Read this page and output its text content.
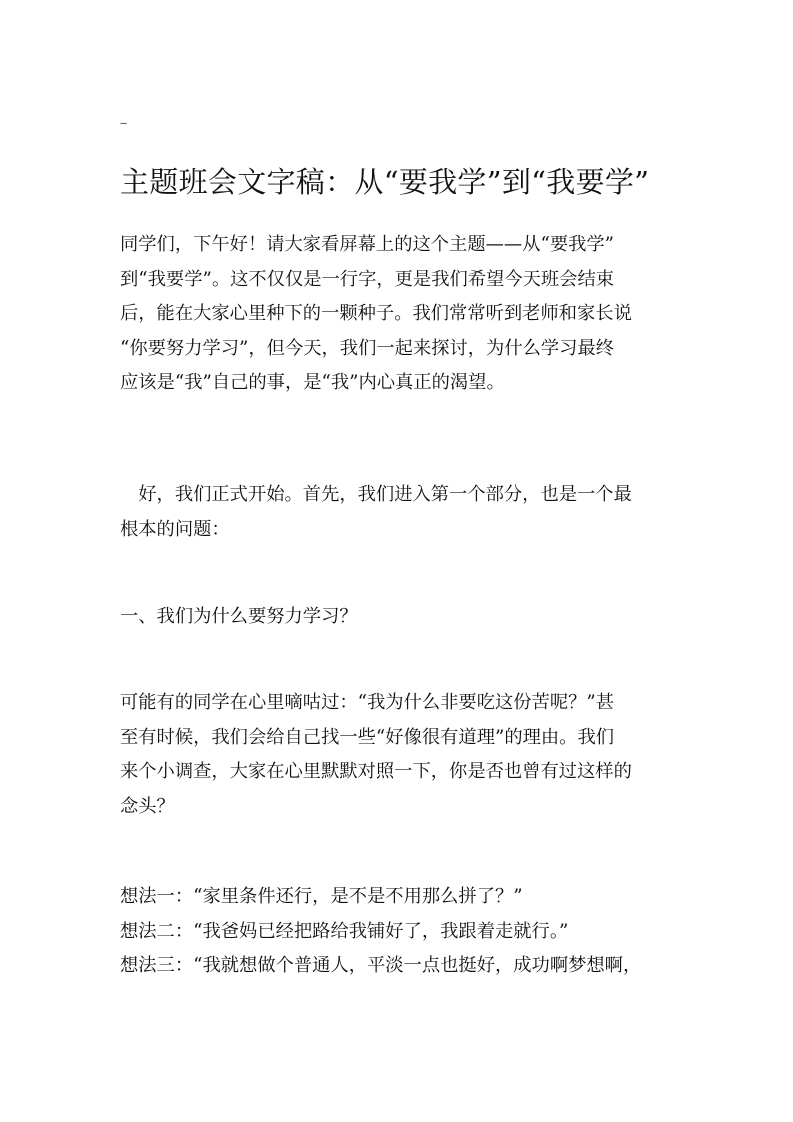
---
主题班会文字稿：从“要我学”到“我要学”

同学们，下午好！请大家看屏幕上的这个主题——从“要我学”
到“我要学”。这不仅仅是一行字，更是我们希望今天班会结束
后，能在大家心里种下的一颗种子。我们常常听到老师和家长说
“你要努力学习”，但今天，我们一起来探讨，为什么学习最终
应该是“我”自己的事，是“我”内心真正的渴望。

　好，我们正式开始。首先，我们进入第一个部分，也是一个最
根本的问题：

一、我们为什么要努力学习？

可能有的同学在心里嘀咕过：“我为什么非要吃这份苦呢？”甚
至有时候，我们会给自己找一些“好像很有道理”的理由。我们
来个小调查，大家在心里默默对照一下，你是否也曾有过这样的
念头？

想法一：“家里条件还行，是不是不用那么拼了？”
想法二：“我爸妈已经把路给我铺好了，我跟着走就行。”
想法三：“我就想做个普通人，平淡一点也挺好，成功啊梦想啊，
